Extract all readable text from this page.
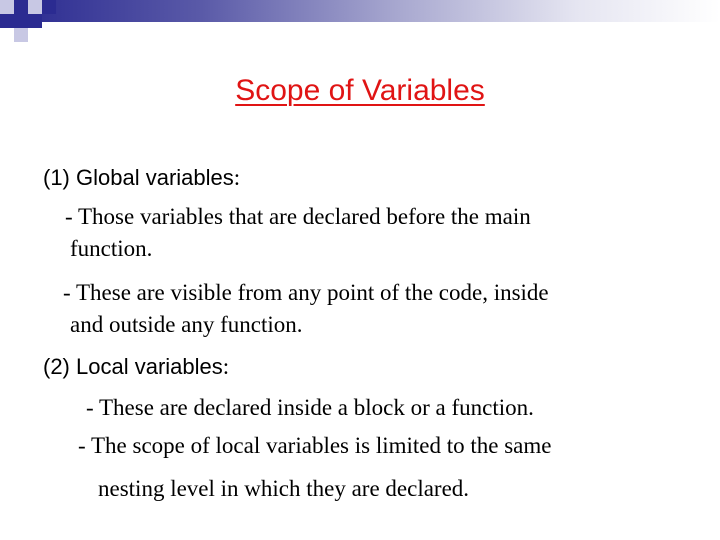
Scope of Variables
(1) Global variables:
- Those variables that are declared before the main
function.
- These are visible from any point of the code, inside
and outside any function.
(2) Local variables:
- These are declared inside a block or a function.
- The scope of local variables is limited to the same
nesting level in which they are declared.
